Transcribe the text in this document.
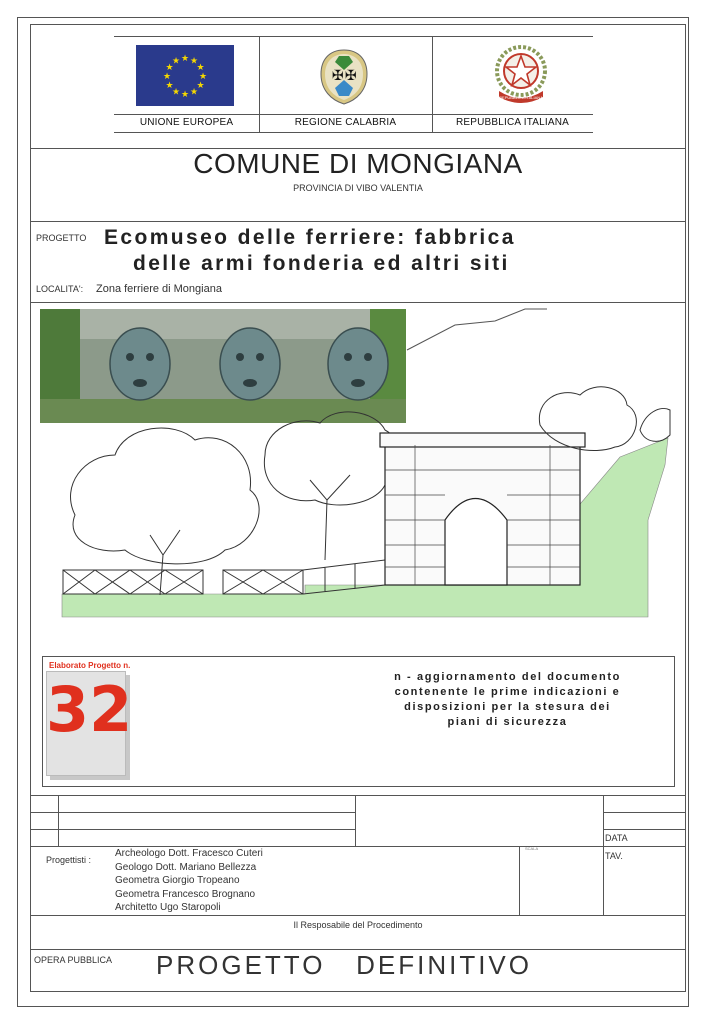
★ ★
★
★
★
★
★
★
★
★
★
★
UNIONE EUROPEA
✠ ✠
REGIONE CALABRIA
REPUBBLICA ITALIANA
REPUBBLICA ITALIANA
COMUNE DI MONGIANA
PROVINCIA DI VIBO VALENTIA
PROGETTO Ecomuseo delle ferriere: fabbrica
delle armi fonderia ed altri siti
LOCALITA': Zona ferriere di Mongiana
Elaborato Progetto n.
32	n - aggiornamento del documento
contenente le prime indicazioni e
disposizioni per la stesura dei
piani di sicurezza
DATA
TAV.
SCALA
Progettisti :
Archeologo Dott. Fracesco Cuteri
Geologo Dott. Mariano Bellezza
Geometra Giorgio Tropeano
Geometra Francesco Brognano
Architetto Ugo Staropoli
Il Resposabile del Procedimento
OPERA PUBBLICA PROGETTO   DEFINITIVO
